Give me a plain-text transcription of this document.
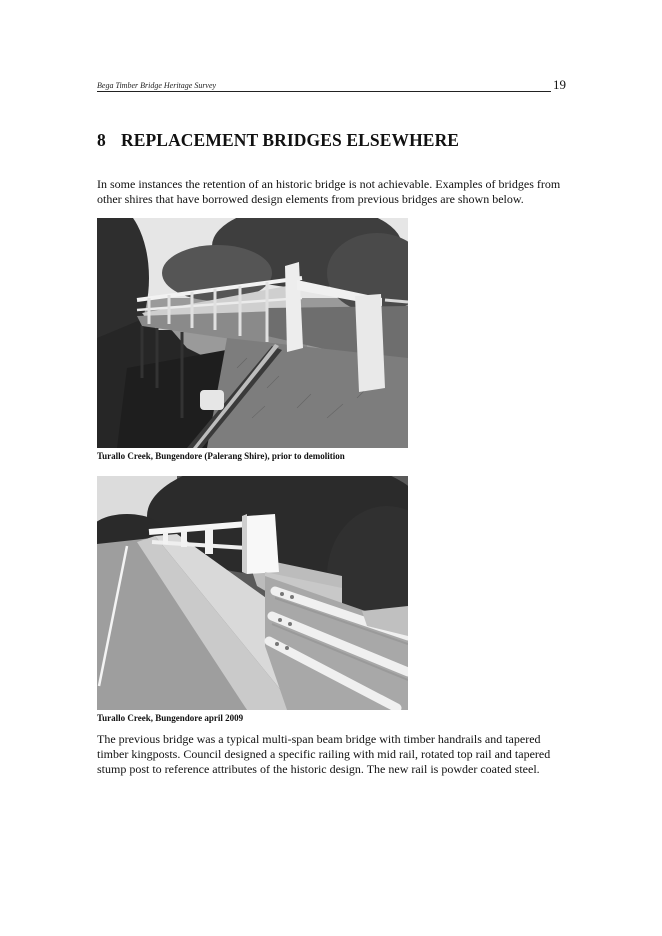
Bega Timber Bridge Heritage Survey	19
8 REPLACEMENT BRIDGES ELSEWHERE

In some instances the retention of an historic bridge is not achievable. Examples of bridges from other shires that have borrowed design elements from previous bridges are shown below.

Turallo Creek, Bungendore (Palerang Shire), prior to demolition
Turallo Creek, Bungendore april 2009

The previous bridge was a typical multi-span beam bridge with timber handrails and tapered timber kingposts. Council designed a specific railing with mid rail, rotated top rail and tapered stump post to reference attributes of the historic design. The new rail is powder coated steel.
